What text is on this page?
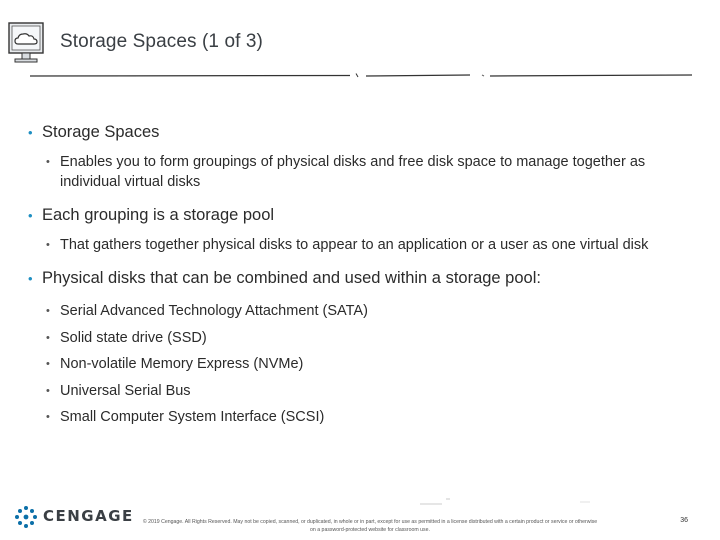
Storage Spaces (1 of 3)
• Storage Spaces
• Enables you to form groupings of physical disks and free disk space to manage together as individual virtual disks
• Each grouping is a storage pool
• That gathers together physical disks to appear to an application or a user as one virtual disk
• Physical disks that can be combined and used within a storage pool:
• Serial Advanced Technology Attachment (SATA)
• Solid state drive (SSD)
• Non-volatile Memory Express (NVMe)
• Universal Serial Bus
• Small Computer System Interface (SCSI)
CENGAGE	© 2019 Cengage. All Rights Reserved. May not be copied, scanned, or duplicated, in whole or in part, except for use as permitted in a license distributed with a certain product or service or otherwise on a password-protected website for classroom use.
36
